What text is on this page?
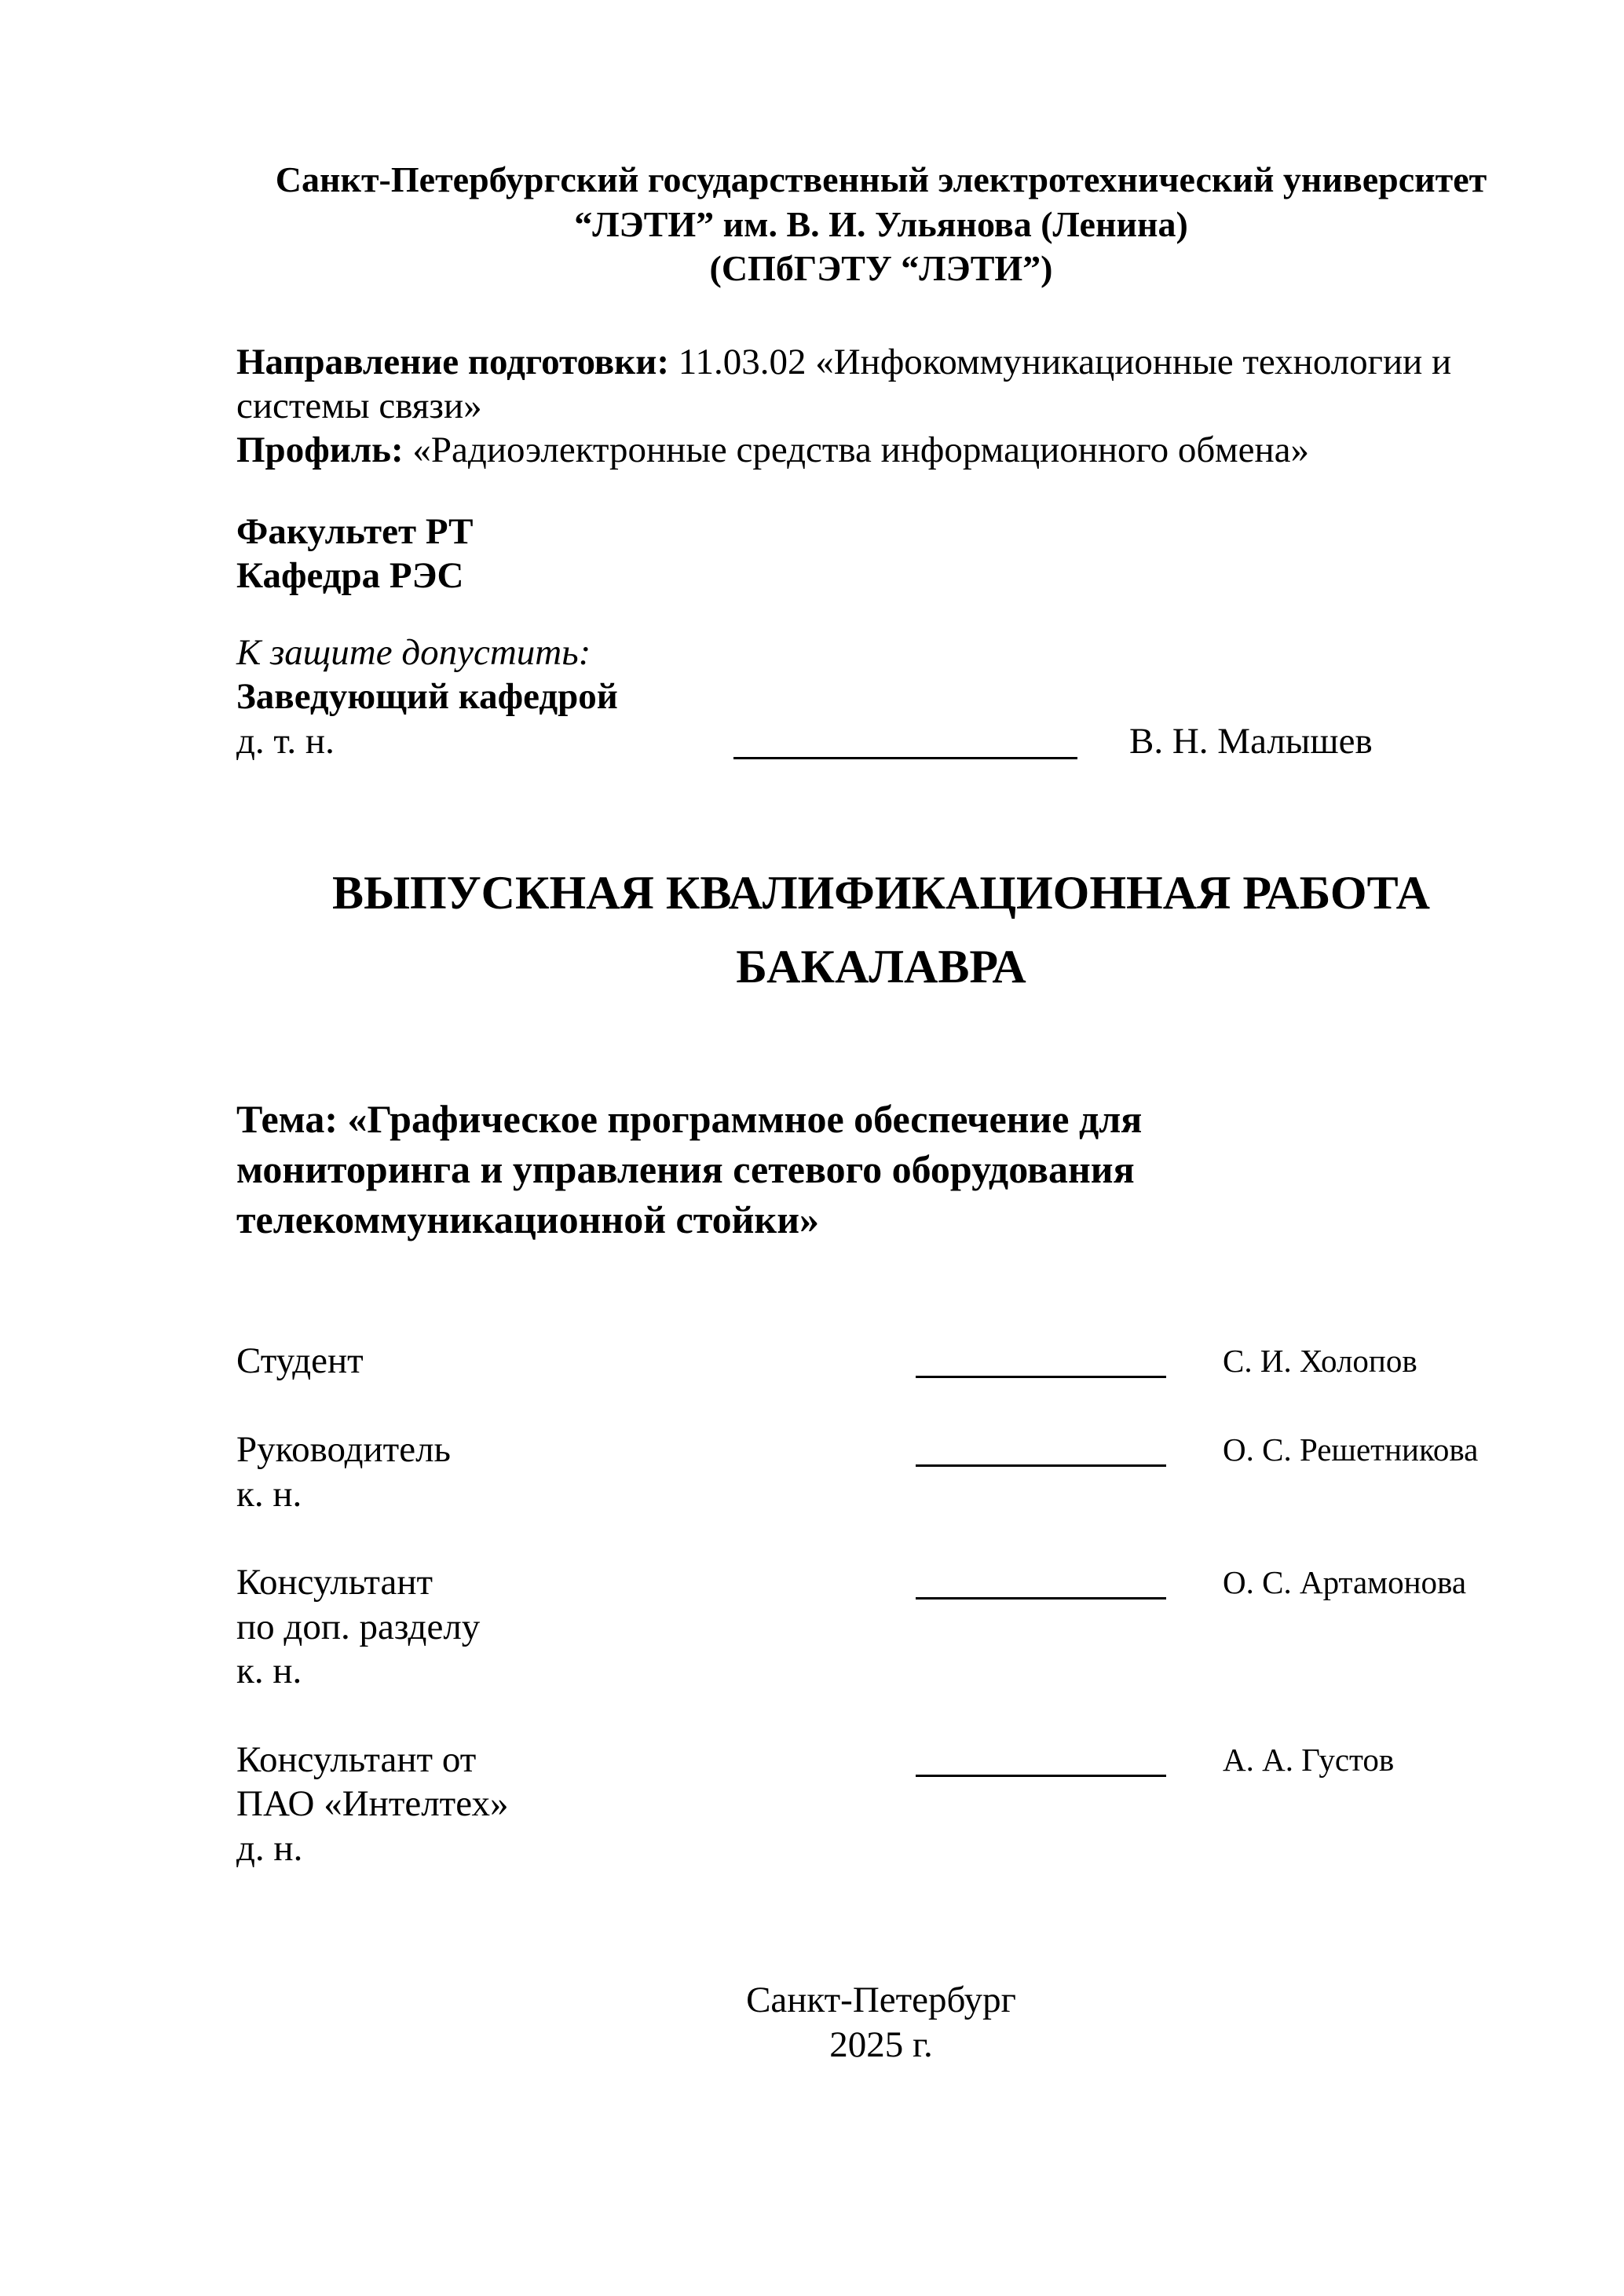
Санкт-Петербургский государственный электротехнический университет
“ЛЭТИ” им. В. И. Ульянова (Ленина)
(СПбГЭТУ “ЛЭТИ”)
Направление подготовки: 11.03.02 «Инфокоммуникационные технологии и
системы связи»
Профиль: «Радиоэлектронные средства информационного обмена»
Факультет РТ
Кафедра РЭС
К защите допустить:
Заведующий кафедрой
д. т. н.	В. Н. Малышев
ВЫПУСКНАЯ КВАЛИФИКАЦИОННАЯ РАБОТА
БАКАЛАВРА
Тема: «Графическое программное обеспечение для
мониторинга и управления сетевого оборудования
телекоммуникационной стойки»
Студент	С. И. Холопов
Руководитель
к. н.
О. С. Решетникова
Консультант
по доп. разделу
к. н.
О. С. Артамонова
Консультант от
ПАО «Интелтех»
д. н.
А. А. Густов
Санкт-Петербург
2025 г.
